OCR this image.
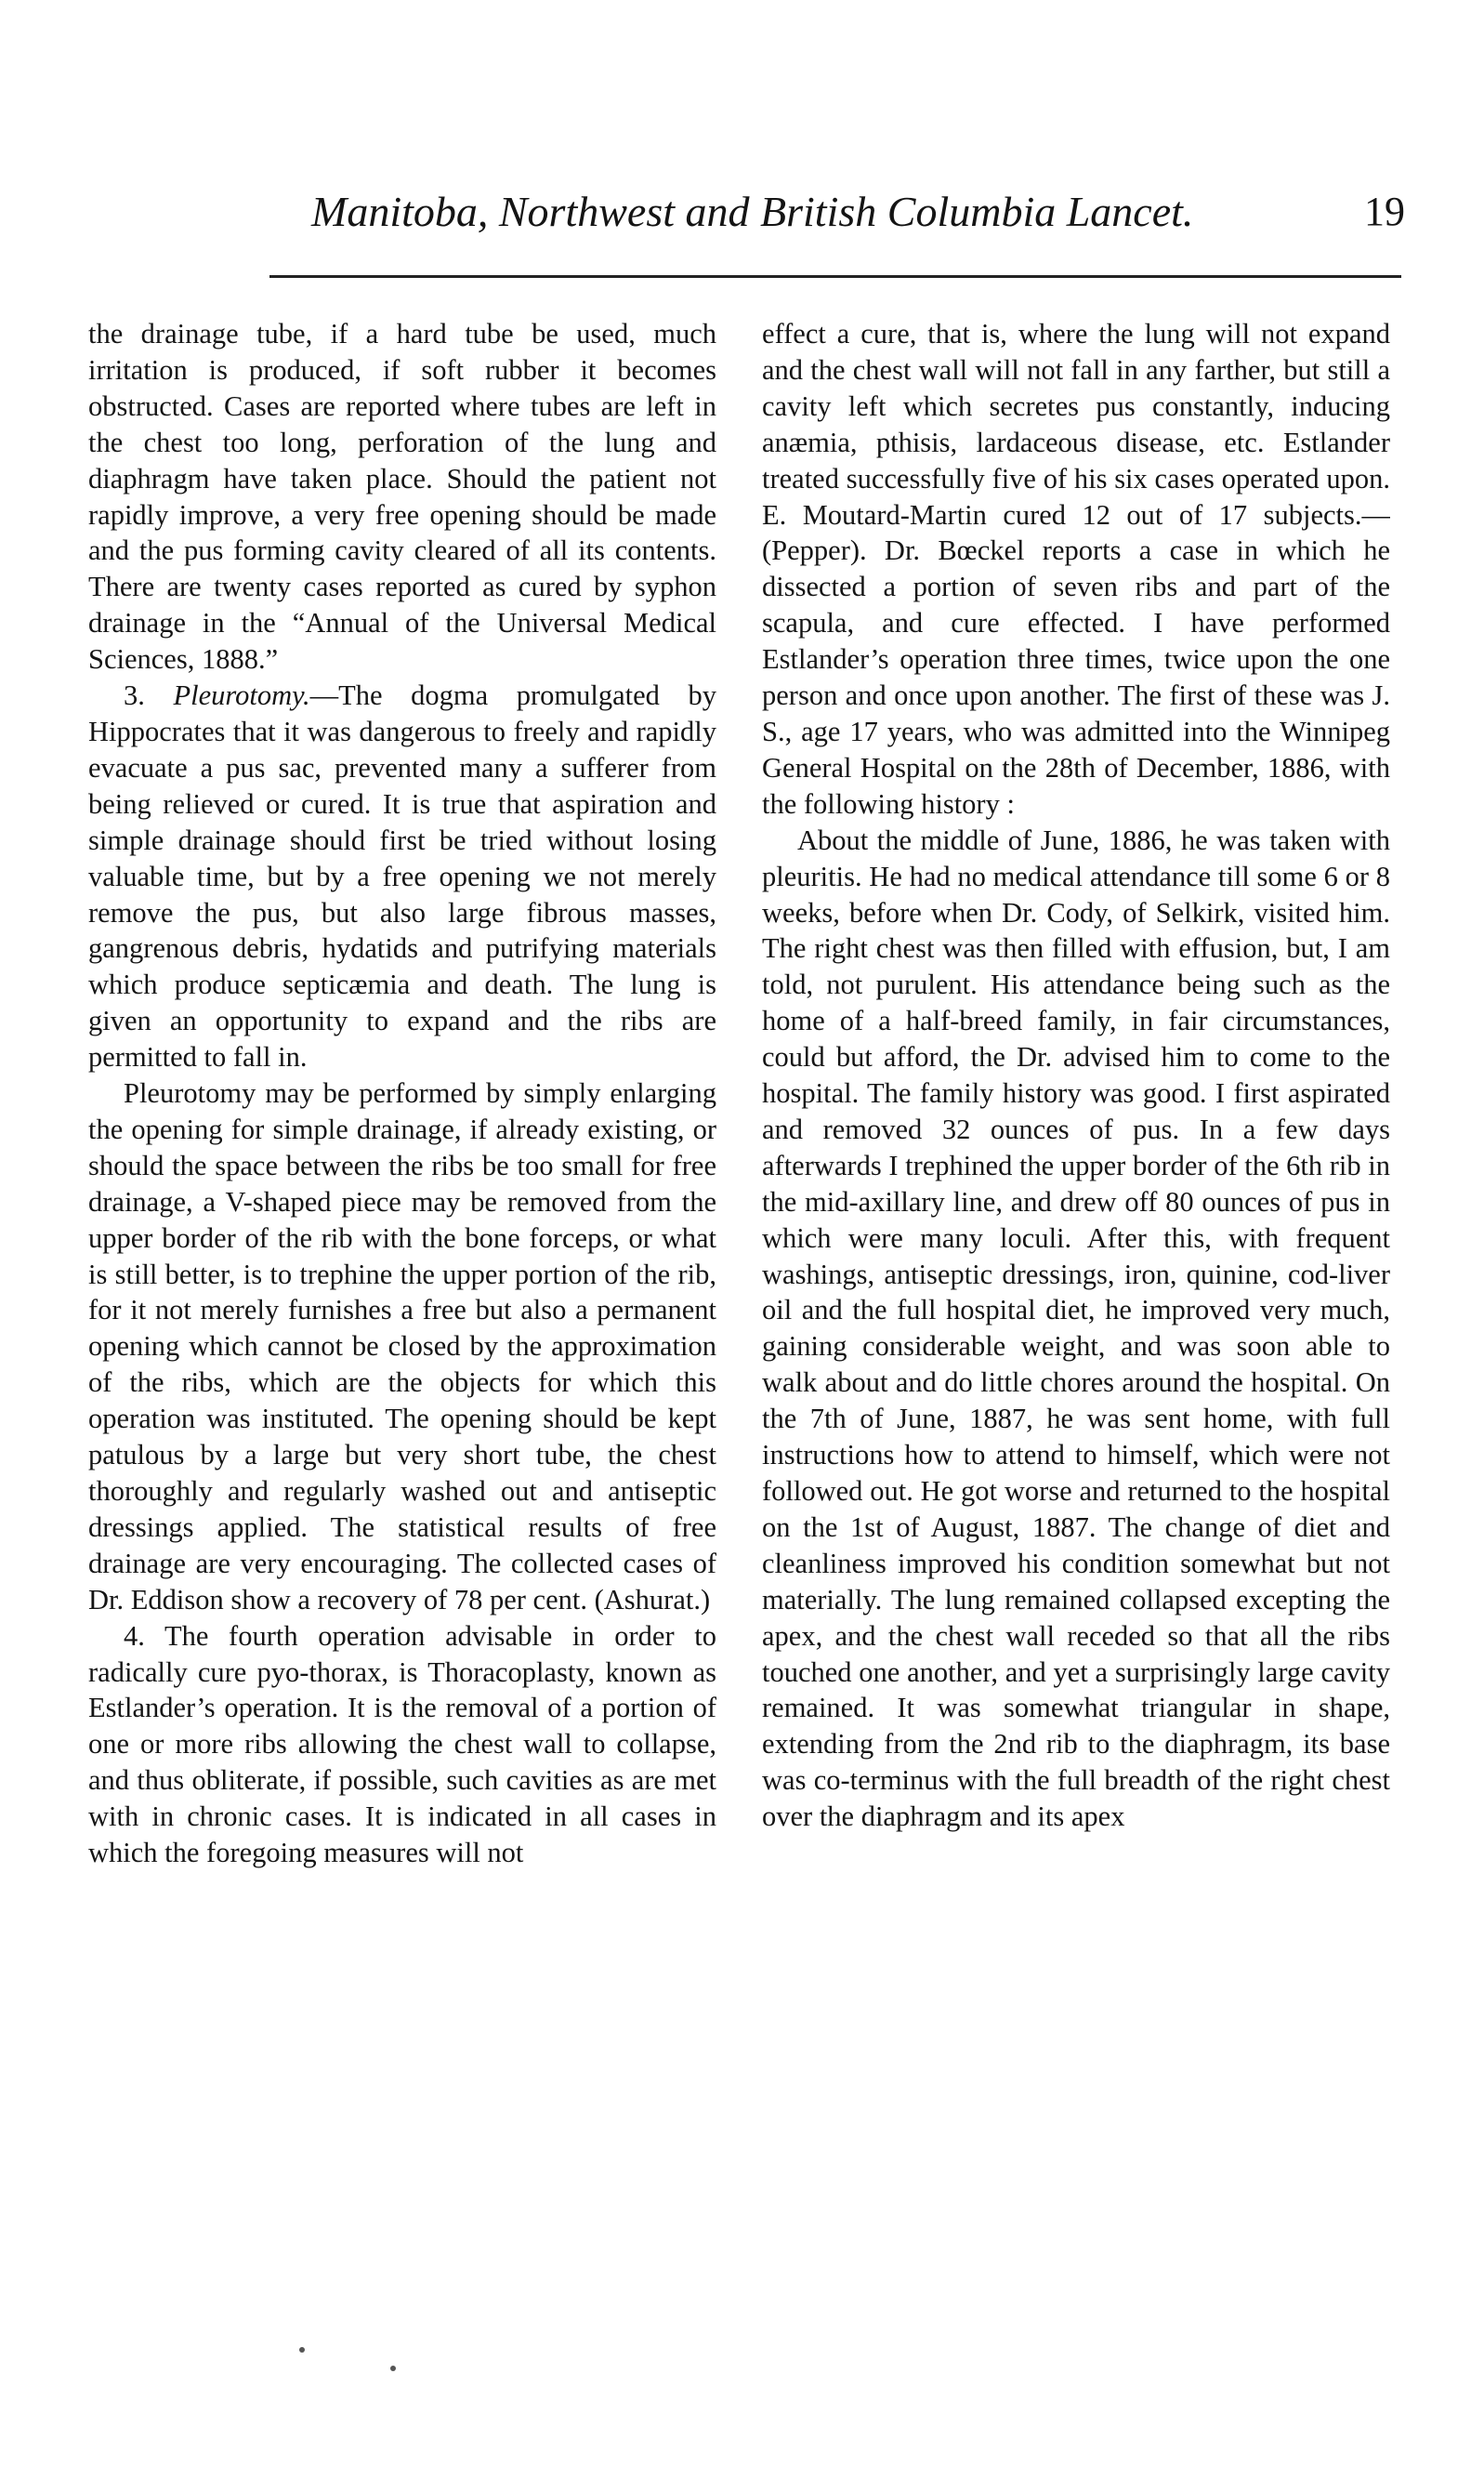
Manitoba, Northwest and British Columbia Lancet.	19

the drainage tube, if a hard tube be used, much irritation is produced, if soft rubber it becomes obstructed. Cases are reported where tubes are left in the chest too long, perforation of the lung and diaphragm have taken place. Should the patient not rapidly improve, a very free opening should be made and the pus forming cavity cleared of all its contents. There are twenty cases reported as cured by syphon drainage in the “Annual of the Universal Medical Sciences, 1888.”

3. Pleurotomy.—The dogma promulgated by Hippocrates that it was dangerous to freely and rapidly evacuate a pus sac, prevented many a sufferer from being relieved or cured. It is true that aspiration and simple drainage should first be tried without losing valuable time, but by a free opening we not merely remove the pus, but also large fibrous masses, gangrenous debris, hydatids and putrifying materials which produce septicæmia and death. The lung is given an opportunity to expand and the ribs are permitted to fall in.

Pleurotomy may be performed by simply enlarging the opening for simple drainage, if already existing, or should the space between the ribs be too small for free drainage, a V-shaped piece may be removed from the upper border of the rib with the bone forceps, or what is still better, is to trephine the upper portion of the rib, for it not merely furnishes a free but also a permanent opening which cannot be closed by the approximation of the ribs, which are the objects for which this operation was instituted. The opening should be kept patulous by a large but very short tube, the chest thoroughly and regularly washed out and antiseptic dressings applied. The statistical results of free drainage are very encouraging. The collected cases of Dr. Eddison show a recovery of 78 per cent. (Ashurat.)

4. The fourth operation advisable in order to radically cure pyo-thorax, is Thoracoplasty, known as Estlander’s operation. It is the removal of a portion of one or more ribs allowing the chest wall to collapse, and thus obliterate, if possible, such cavities as are met with in chronic cases. It is indicated in all cases in which the foregoing measures will not

effect a cure, that is, where the lung will not expand and the chest wall will not fall in any farther, but still a cavity left which secretes pus constantly, inducing anæmia, pthisis, lardaceous disease, etc. Estlander treated successfully five of his six cases operated upon. E. Moutard-Martin cured 12 out of 17 subjects.—(Pepper). Dr. Bœckel reports a case in which he dissected a portion of seven ribs and part of the scapula, and cure effected. I have performed Estlander’s operation three times, twice upon the one person and once upon another. The first of these was J. S., age 17 years, who was admitted into the Winnipeg General Hospital on the 28th of December, 1886, with the following history :

About the middle of June, 1886, he was taken with pleuritis. He had no medical attendance till some 6 or 8 weeks, before when Dr. Cody, of Selkirk, visited him. The right chest was then filled with effusion, but, I am told, not purulent. His attendance being such as the home of a half-breed family, in fair circumstances, could but afford, the Dr. advised him to come to the hospital. The family history was good. I first aspirated and removed 32 ounces of pus. In a few days afterwards I trephined the upper border of the 6th rib in the mid-axillary line, and drew off 80 ounces of pus in which were many loculi. After this, with frequent washings, antiseptic dressings, iron, quinine, cod-liver oil and the full hospital diet, he improved very much, gaining considerable weight, and was soon able to walk about and do little chores around the hospital. On the 7th of June, 1887, he was sent home, with full instructions how to attend to himself, which were not followed out. He got worse and returned to the hospital on the 1st of August, 1887. The change of diet and cleanliness improved his condition somewhat but not materially. The lung remained collapsed excepting the apex, and the chest wall receded so that all the ribs touched one another, and yet a surprisingly large cavity remained. It was somewhat triangular in shape, extending from the 2nd rib to the diaphragm, its base was co-terminus with the full breadth of the right chest over the diaphragm and its apex
